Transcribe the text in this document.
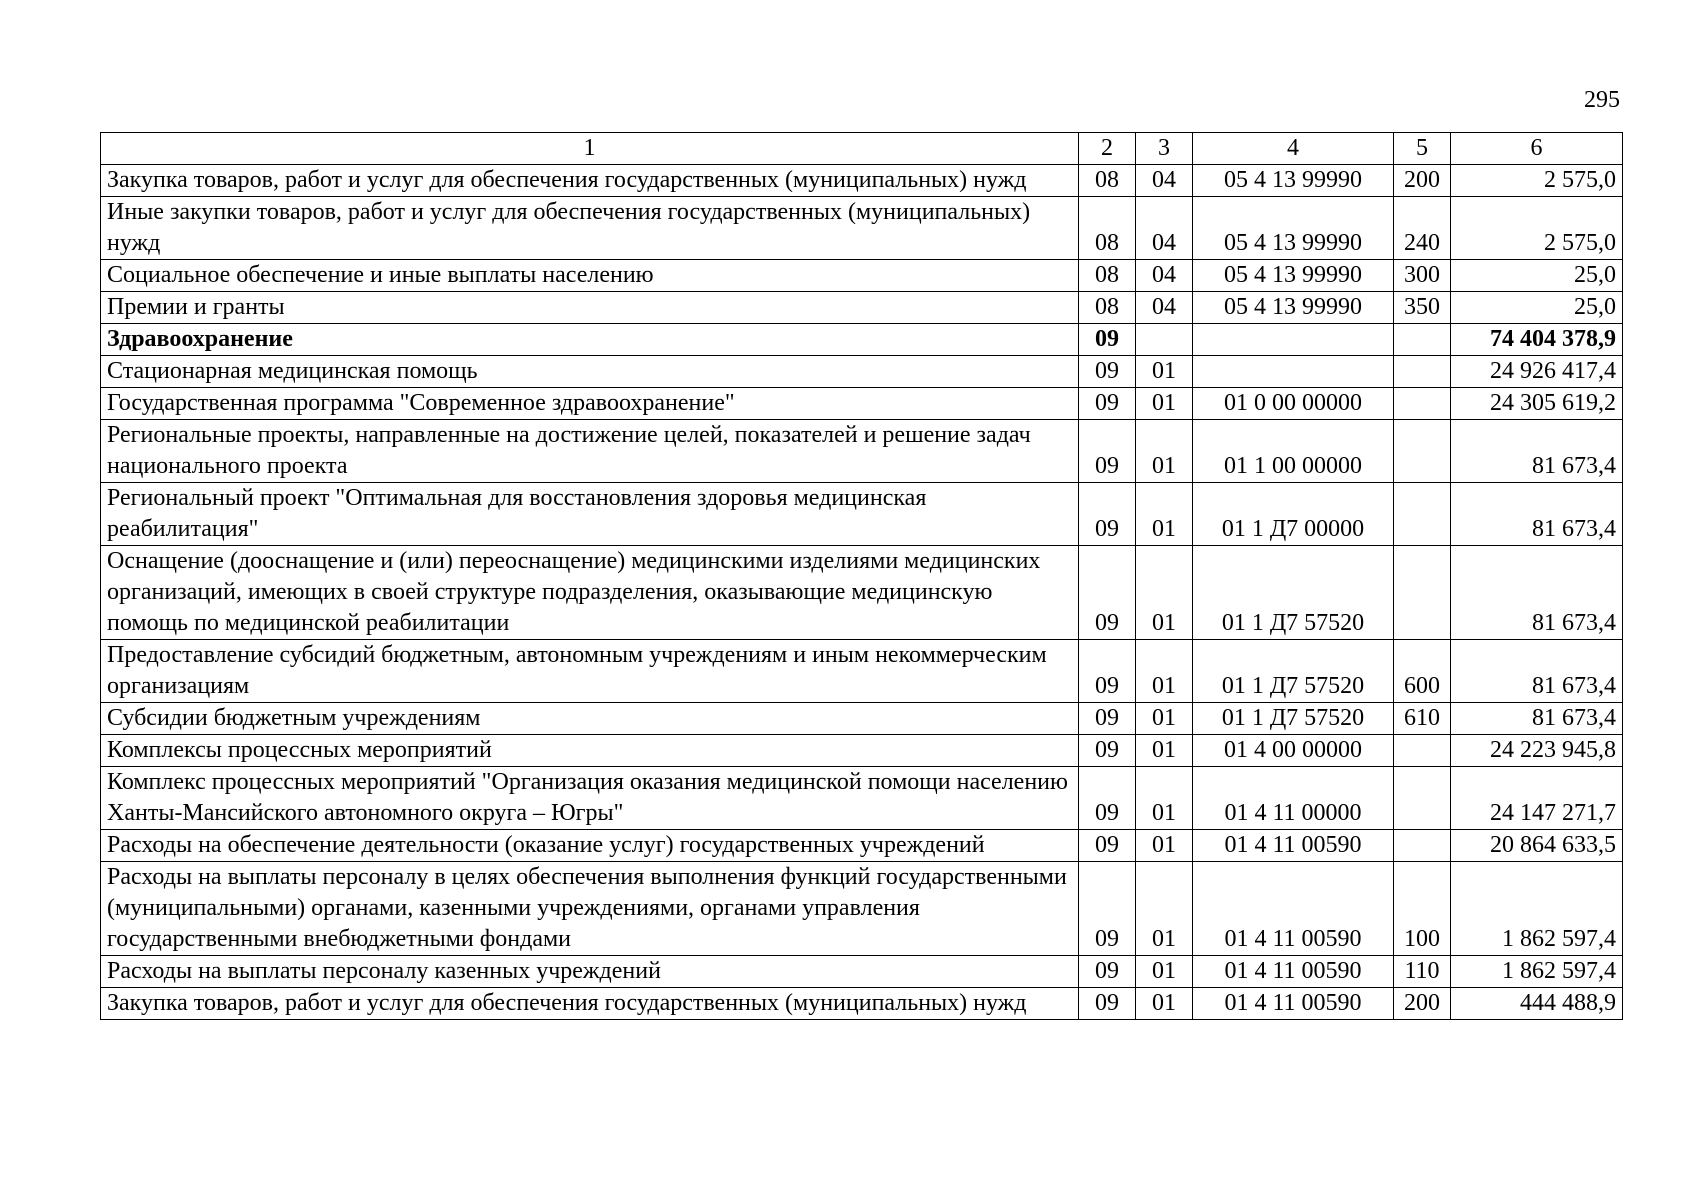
295
1	2	3	4	5	6
Закупка товаров, работ и услуг для обеспечения государственных (муниципальных) нужд	08	04	05 4 13 99990	200	2 575,0
Иные закупки товаров, работ и услуг для обеспечения государственных (муниципальных) нужд	08	04	05 4 13 99990	240	2 575,0
Социальное обеспечение и иные выплаты населению	08	04	05 4 13 99990	300	25,0
Премии и гранты	08	04	05 4 13 99990	350	25,0
Здравоохранение	09				74 404 378,9
Стационарная медицинская помощь	09	01			24 926 417,4
Государственная программа "Современное здравоохранение"	09	01	01 0 00 00000		24 305 619,2
Региональные проекты, направленные на достижение целей, показателей и решение задач национального проекта	09	01	01 1 00 00000		81 673,4
Региональный проект "Оптимальная для восстановления здоровья медицинская реабилитация"	09	01	01 1 Д7 00000		81 673,4
Оснащение (дооснащение и (или) переоснащение) медицинскими изделиями медицинских организаций, имеющих в своей структуре подразделения, оказывающие медицинскую помощь по медицинской реабилитации	09	01	01 1 Д7 57520		81 673,4
Предоставление субсидий бюджетным, автономным учреждениям и иным некоммерческим организациям	09	01	01 1 Д7 57520	600	81 673,4
Субсидии бюджетным учреждениям	09	01	01 1 Д7 57520	610	81 673,4
Комплексы процессных мероприятий	09	01	01 4 00 00000		24 223 945,8
Комплекс процессных мероприятий "Организация оказания медицинской помощи населению Ханты-Мансийского автономного округа – Югры"	09	01	01 4 11 00000		24 147 271,7
Расходы на обеспечение деятельности (оказание услуг) государственных учреждений	09	01	01 4 11 00590		20 864 633,5
Расходы на выплаты персоналу в целях обеспечения выполнения функций государственными (муниципальными) органами, казенными учреждениями, органами управления государственными внебюджетными фондами	09	01	01 4 11 00590	100	1 862 597,4
Расходы на выплаты персоналу казенных учреждений	09	01	01 4 11 00590	110	1 862 597,4
Закупка товаров, работ и услуг для обеспечения государственных (муниципальных) нужд	09	01	01 4 11 00590	200	444 488,9
